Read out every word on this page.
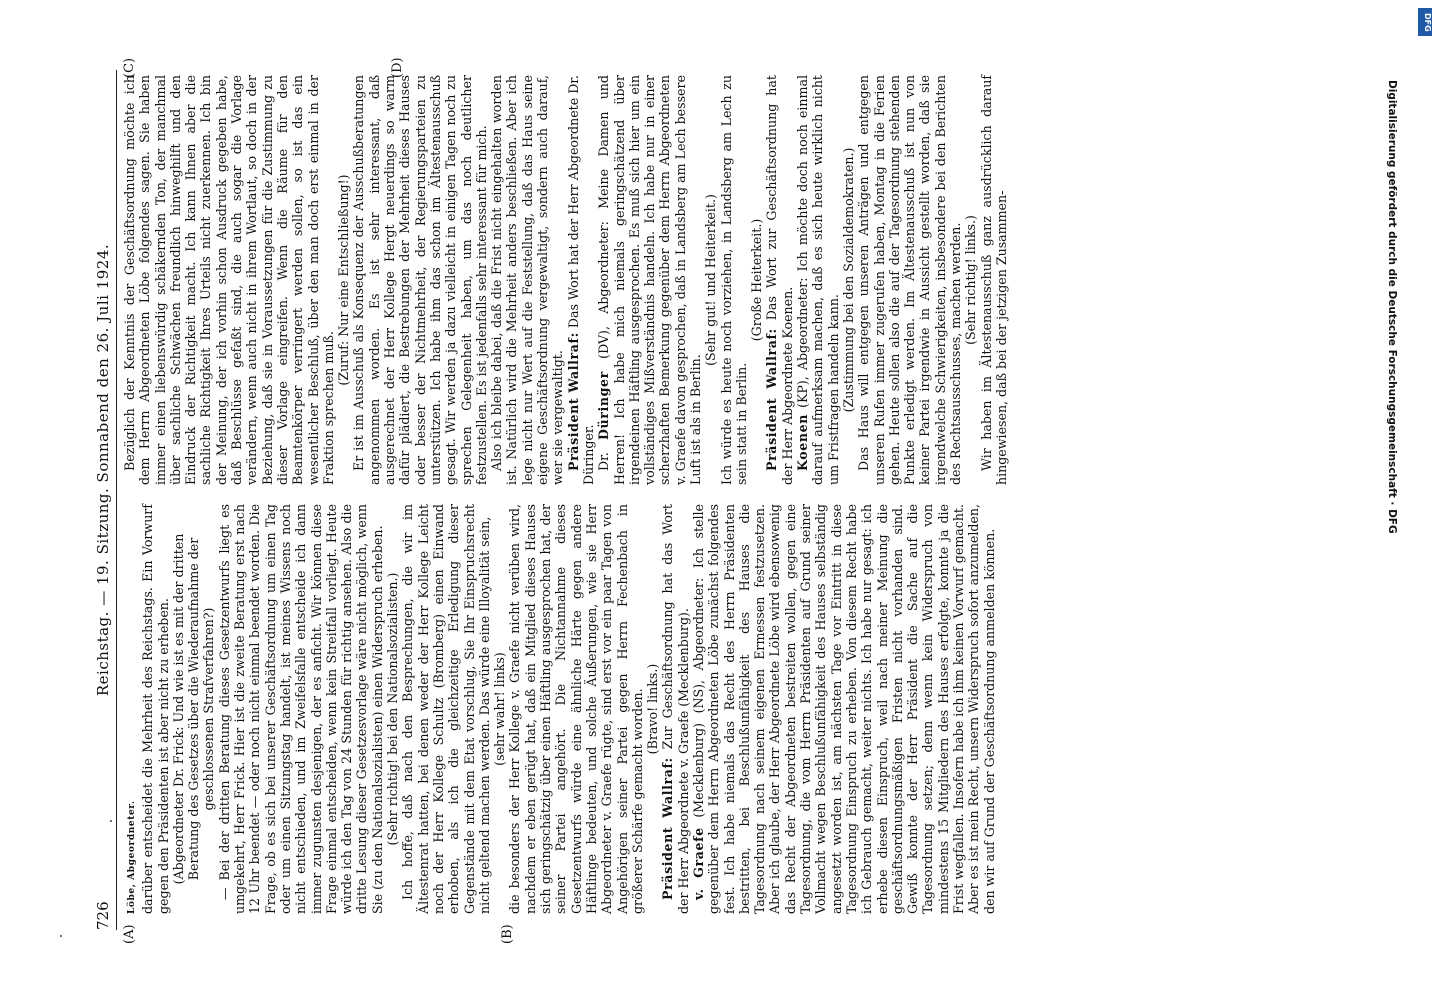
726
Reichstag. — 19. Sitzung. Sonnabend den 26. Juli 1924.
(A)	(B)
(C)	(D)

Löbe, Abgeordneter. darüber entscheidet die Mehrheit des Reichstags. Ein Vorwurf gegen den Präsidenten ist aber nicht zu erheben. (Abgeordneter Dr. Frick: Und wie ist es mit der dritten Beratung des Gesetzes über die Wiederaufnahme der geschlossenen Strafverfahren?) — Bei der dritten Beratung dieses Gesetzentwurfs liegt es umgekehrt, Herr Frick. Hier ist die zweite Beratung erst nach 12 Uhr beendet — oder noch nicht einmal beendet worden. Die Frage, ob es sich bei unserer Geschäftsordnung um einen Tag oder um einen Sitzungstag handelt, ist meines Wissens noch nicht entschieden, und im Zweifelsfalle entscheide ich dann immer zugunsten desjenigen, der es anficht. Wir können diese Frage einmal entscheiden, wenn kein Streitfall vorliegt. Heute würde ich den Tag von 24 Stunden für richtig ansehen. Also die dritte Lesung dieser Gesetzesvorlage wäre nicht möglich, wenn Sie (zu den Nationalsozialisten) einen Widerspruch erheben. (Sehr richtig! bei den Nationalsozialisten.) Ich hoffe, daß nach den Besprechungen, die wir im Ältestenrat hatten, bei denen weder der Herr Kollege Leicht noch der Herr Kollege Schultz (Bromberg) einen Einwand erhoben, als ich die gleichzeitige Erledigung dieser Gegenstände mit dem Etat vorschlug, Sie Ihr Einspruchsrecht nicht geltend machen werden. Das würde eine Illoyalität sein, (sehr wahr! links) die besonders der Herr Kollege v. Graefe nicht verüben wird, nachdem er eben gerügt hat, daß ein Mitglied dieses Hauses sich geringschätzig über einen Häftling ausgesprochen hat, der seiner Partei angehört. Die Nichtannahme dieses Gesetzentwurfs würde eine ähnliche Härte gegen andere Häftlinge bedeuten, und solche Äußerungen, wie sie Herr Abgeordneter v. Graefe rügte, sind erst vor ein paar Tagen von Angehörigen seiner Partei gegen Herrn Fechenbach in größerer Schärfe gemacht worden. (Bravo! links.)

Präsident Wallraf: Zur Geschäftsordnung hat das Wort der Herr Abgeordnete v. Graefe (Mecklenburg). v. Graefe (Mecklenburg) (NS), Abgeordneter: Ich stelle gegenüber dem Herrn Abgeordneten Löbe zunächst folgendes fest. Ich habe niemals das Recht des Herrn Präsidenten bestritten, bei Beschlußunfähigkeit des Hauses die Tagesordnung nach seinem eigenen Ermessen festzusetzen. Aber ich glaube, der Herr Abgeordnete Löbe wird ebensowenig das Recht der Abgeordneten bestreiten wollen, gegen eine Tagesordnung, die vom Herrn Präsidenten auf Grund seiner Vollmacht wegen Beschlußunfähigkeit des Hauses selbständig angesetzt worden ist, am nächsten Tage vor Eintritt in diese Tagesordnung Einspruch zu erheben. Von diesem Recht habe ich Gebrauch gemacht, weiter nichts. Ich habe nur gesagt: ich erhebe diesen Einspruch, weil nach meiner Meinung die geschäftsordnungsmäßigen Fristen nicht vorhanden sind. Gewiß konnte der Herr Präsident die Sache auf die Tagesordnung setzen; denn wenn kein Widerspruch von mindestens 15 Mitgliedern des Hauses erfolgte, konnte ja die Frist wegfallen. Insofern habe ich ihm keinen Vorwurf gemacht. Aber es ist mein Recht, unsern Widerspruch sofort anzumelden, den wir auf Grund der Geschäftsordnung anmelden können.

Bezüglich der Kenntnis der Geschäftsordnung möchte ich dem Herrn Abgeordneten Löbe folgendes sagen. Sie haben immer einen liebenswürdig schäkernden Ton, der manchmal über sachliche Schwächen freundlich hinweghilft und den Eindruck der Richtigkeit macht. Ich kann Ihnen aber die sachliche Richtigkeit Ihres Urteils nicht zuerkennen. Ich bin der Meinung, der ich vorhin schon Ausdruck gegeben habe, daß Beschlüsse gefaßt sind, die auch sogar die Vorlage verändern, wenn auch nicht in ihrem Wortlaut, so doch in der Beziehung, daß sie in Voraussetzungen für die Zustimmung zu dieser Vorlage eingreifen. Wenn die Räume für den Beamtenkörper verringert werden sollen, so ist das ein wesentlicher Beschluß, über den man doch erst einmal in der Fraktion sprechen muß.

(Zuruf: Nur eine Entschließung!) Er ist im Ausschuß als Konsequenz der Ausschußberatungen angenommen worden. Es ist sehr interessant, daß ausgerechnet der Herr Kollege Hergt neuerdings so warm dafür plädiert, die Bestrebungen der Mehrheit dieses Hauses oder besser der Nichtmehrheit, der Regierungsparteien zu unterstützen. Ich habe ihm das schon im Ältestenausschuß gesagt. Wir werden ja dazu vielleicht in einigen Tagen noch zu sprechen Gelegenheit haben, um das noch deutlicher festzustellen. Es ist jedenfalls sehr interessant für mich. Also ich bleibe dabei, daß die Frist nicht eingehalten worden ist. Natürlich wird die Mehrheit anders beschließen. Aber ich lege nicht nur Wert auf die Feststellung, daß das Haus seine eigene Geschäftsordnung vergewaltigt, sondern auch darauf, wer sie vergewaltigt. Präsident Wallraf: Das Wort hat der Herr Abgeordnete Dr. Düringer. Dr. Düringer (DV), Abgeordneter: Meine Damen und Herren! Ich habe mich niemals geringschätzend über irgendeinen Häftling ausgesprochen. Es muß sich hier um ein vollständiges Mißverständnis handeln. Ich habe nur in einer scherzhaften Bemerkung gegenüber dem Herrn Abgeordneten v. Graefe davon gesprochen, daß in Landsberg am Lech bessere Luft ist als in Berlin.

(Sehr gut! und Heiterkeit.) Ich würde es heute noch vorziehen, in Landsberg am Lech zu sein statt in Berlin.

(Große Heiterkeit.)

Präsident Wallraf: Das Wort zur Geschäftsordnung hat der Herr Abgeordnete Koenen. Koenen (KP), Abgeordneter: Ich möchte doch noch einmal darauf aufmerksam machen, daß es sich heute wirklich nicht um Fristfragen handeln kann. (Zustimmung bei den Sozialdemokraten.) Das Haus will entgegen unseren Anträgen und entgegen unseren Rufen immer zugerufen haben, Montag in die Ferien gehen. Heute sollen also die auf der Tagesordnung stehenden Punkte erledigt werden. Im Ältestenausschuß ist nun von keiner Partei irgendwie in Aussicht gestellt worden, daß sie irgendwelche Schwierigkeiten, insbesondere bei den Berichten des Rechtsausschusses, machen werden. (Sehr richtig! links.) Wir haben im Ältestenausschuß ganz ausdrücklich darauf hingewiesen, daß bei der jetzigen Zusammen-	Digitalisierung gefördert durch die Deutsche Forschungsgemeinschaft · DFG
DFG
